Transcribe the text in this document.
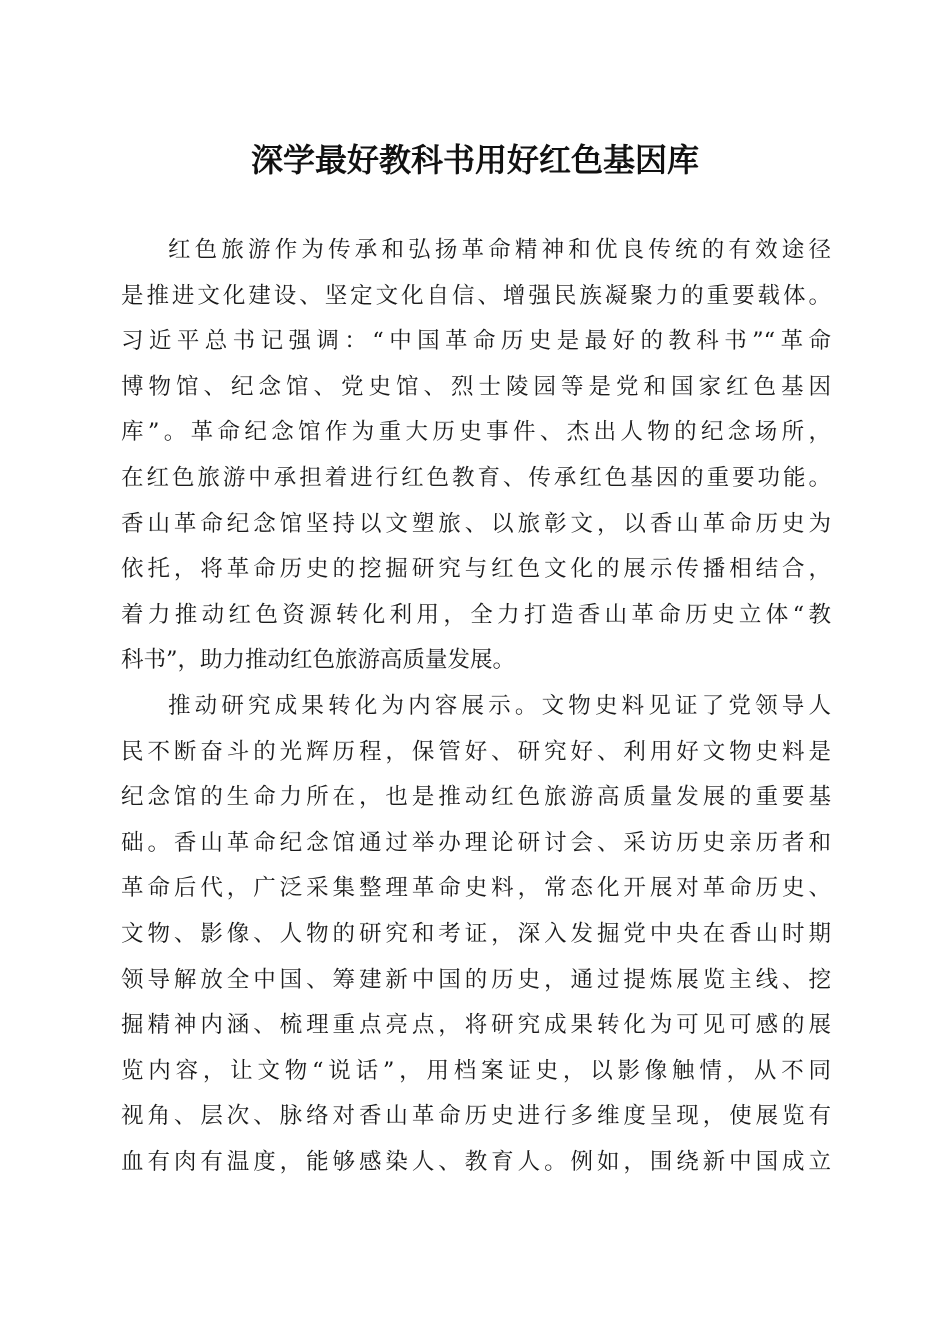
深学最好教科书用好红色基因库
红色旅游作为传承和弘扬革命精神和优良传统的有效途径
是推进文化建设、坚定文化自信、增强民族凝聚力的重要载体。
习近平总书记强调：“中国革命历史是最好的教科书”“革命
博物馆、纪念馆、党史馆、烈士陵园等是党和国家红色基因
库”。革命纪念馆作为重大历史事件、杰出人物的纪念场所，
在红色旅游中承担着进行红色教育、传承红色基因的重要功能。
香山革命纪念馆坚持以文塑旅、以旅彰文，以香山革命历史为
依托，将革命历史的挖掘研究与红色文化的展示传播相结合，
着力推动红色资源转化利用，全力打造香山革命历史立体“教
科书”，助力推动红色旅游高质量发展。
推动研究成果转化为内容展示。文物史料见证了党领导人
民不断奋斗的光辉历程，保管好、研究好、利用好文物史料是
纪念馆的生命力所在，也是推动红色旅游高质量发展的重要基
础。香山革命纪念馆通过举办理论研讨会、采访历史亲历者和
革命后代，广泛采集整理革命史料，常态化开展对革命历史、
文物、影像、人物的研究和考证，深入发掘党中央在香山时期
领导解放全中国、筹建新中国的历史，通过提炼展览主线、挖
掘精神内涵、梳理重点亮点，将研究成果转化为可见可感的展
览内容，让文物“说话”，用档案证史，以影像触情，从不同
视角、层次、脉络对香山革命历史进行多维度呈现，使展览有
血有肉有温度，能够感染人、教育人。例如，围绕新中国成立
